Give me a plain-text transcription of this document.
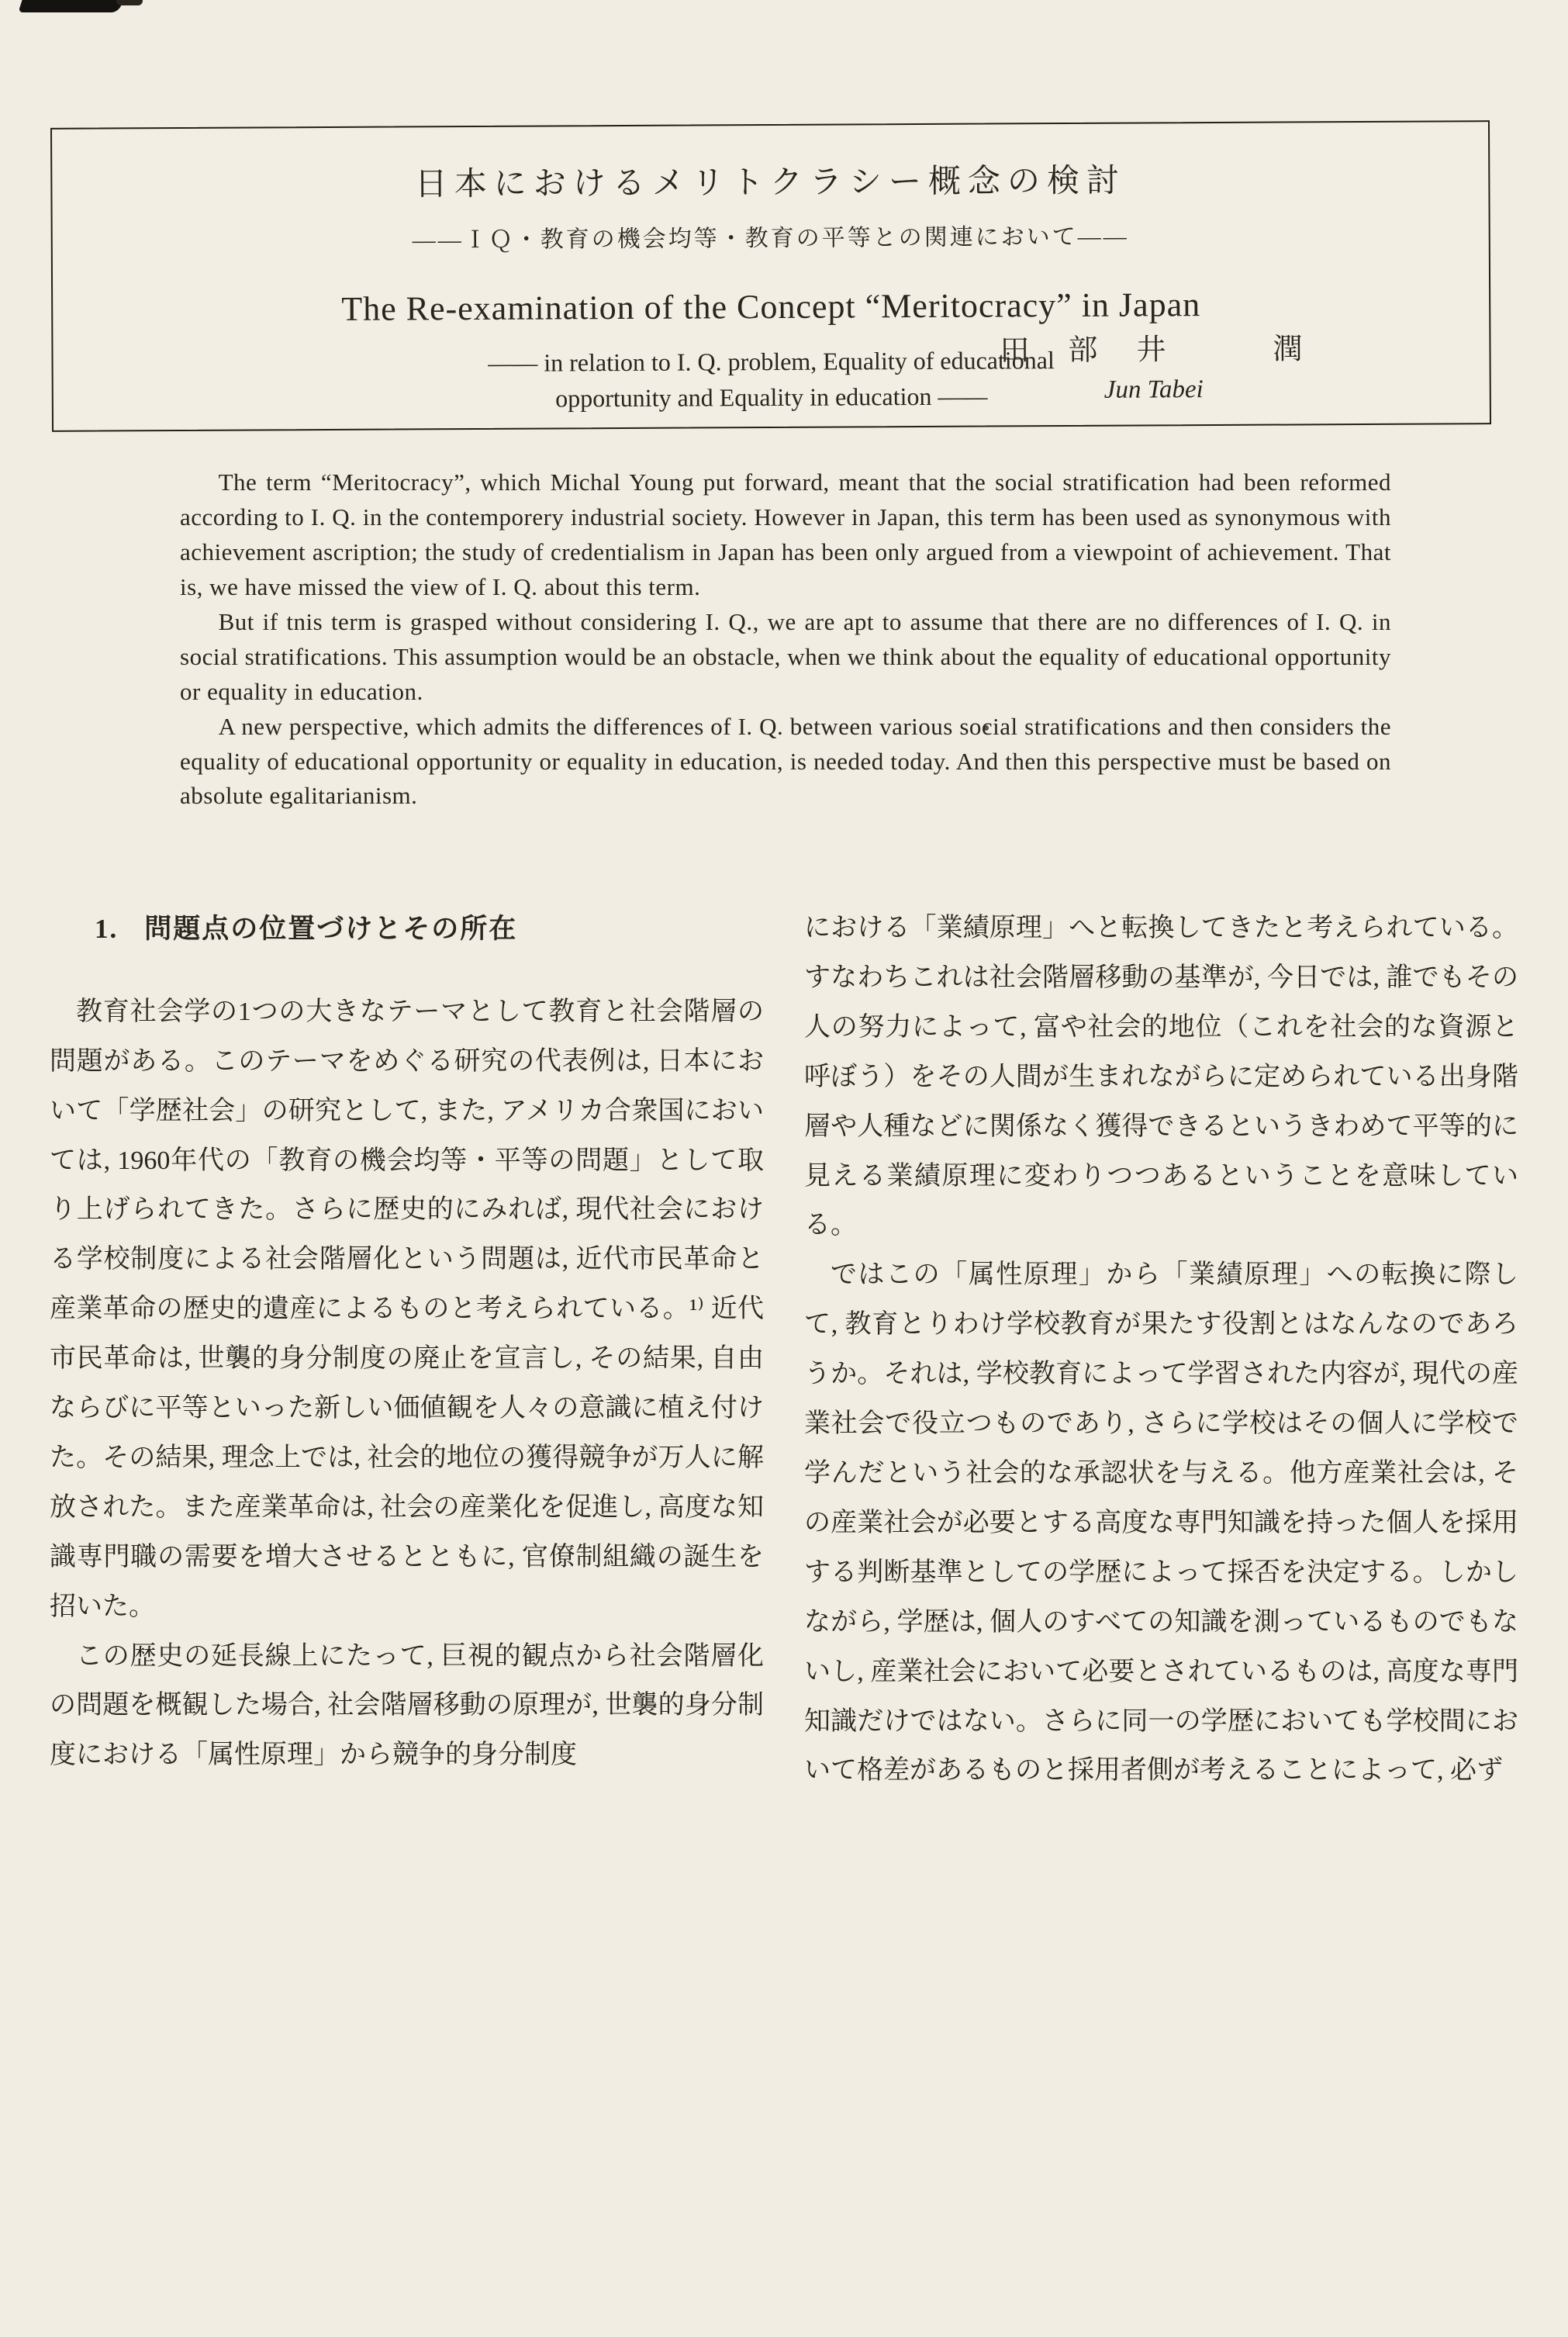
日本におけるメリトクラシー概念の検討
――ＩＱ・教育の機会均等・教育の平等との関連において――
The Re-examination of the Concept “Meritocracy” in Japan
―― in relation to I. Q. problem, Equality of educational
opportunity and Equality in education ――
田　部　井　　　潤
Jun Tabei

The term “Meritocracy”, which Michal Young put forward, meant that the social stratification had been reformed according to I. Q. in the contemporery industrial society. However in Japan, this term has been used as synonymous with achievement ascription; the study of credentialism in Japan has been only argued from a viewpoint of achievement. That is, we have missed the view of I. Q. about this term.

But if tnis term is grasped without considering I. Q., we are apt to assume that there are no differences of I. Q. in social stratifications. This assumption would be an obstacle, when we think about the equality of educational opportunity or equality in education.

A new perspective, which admits the differences of I. Q. between various social stratifications and then considers the equality of educational opportunity or equality in education, is needed today. And then this perspective must be based on absolute egalitarianism.

1. 問題点の位置づけとその所在

教育社会学の1つの大きなテーマとして教育と社会階層の問題がある。このテーマをめぐる研究の代表例は, 日本において「学歴社会」の研究として, また, アメリカ合衆国においては, 1960年代の「教育の機会均等・平等の問題」として取り上げられてきた。さらに歴史的にみれば, 現代社会における学校制度による社会階層化という問題は, 近代市民革命と産業革命の歴史的遺産によるものと考えられている。¹⁾ 近代市民革命は, 世襲的身分制度の廃止を宣言し, その結果, 自由ならびに平等といった新しい価値観を人々の意識に植え付けた。その結果, 理念上では, 社会的地位の獲得競争が万人に解放された。また産業革命は, 社会の産業化を促進し, 高度な知識専門職の需要を増大させるとともに, 官僚制組織の誕生を招いた。

この歴史の延長線上にたって, 巨視的観点から社会階層化の問題を概観した場合, 社会階層移動の原理が, 世襲的身分制度における「属性原理」から競争的身分制度

における「業績原理」へと転換してきたと考えられている。すなわちこれは社会階層移動の基準が, 今日では, 誰でもその人の努力によって, 富や社会的地位（これを社会的な資源と呼ぼう）をその人間が生まれながらに定められている出身階層や人種などに関係なく獲得できるというきわめて平等的に見える業績原理に変わりつつあるということを意味している。

ではこの「属性原理」から「業績原理」への転換に際して, 教育とりわけ学校教育が果たす役割とはなんなのであろうか。それは, 学校教育によって学習された内容が, 現代の産業社会で役立つものであり, さらに学校はその個人に学校で学んだという社会的な承認状を与える。他方産業社会は, その産業社会が必要とする高度な専門知識を持った個人を採用する判断基準としての学歴によって採否を決定する。しかしながら, 学歴は, 個人のすべての知識を測っているものでもないし, 産業社会において必要とされているものは, 高度な専門知識だけではない。さらに同一の学歴においても学校間において格差があるものと採用者側が考えることによって, 必ず
